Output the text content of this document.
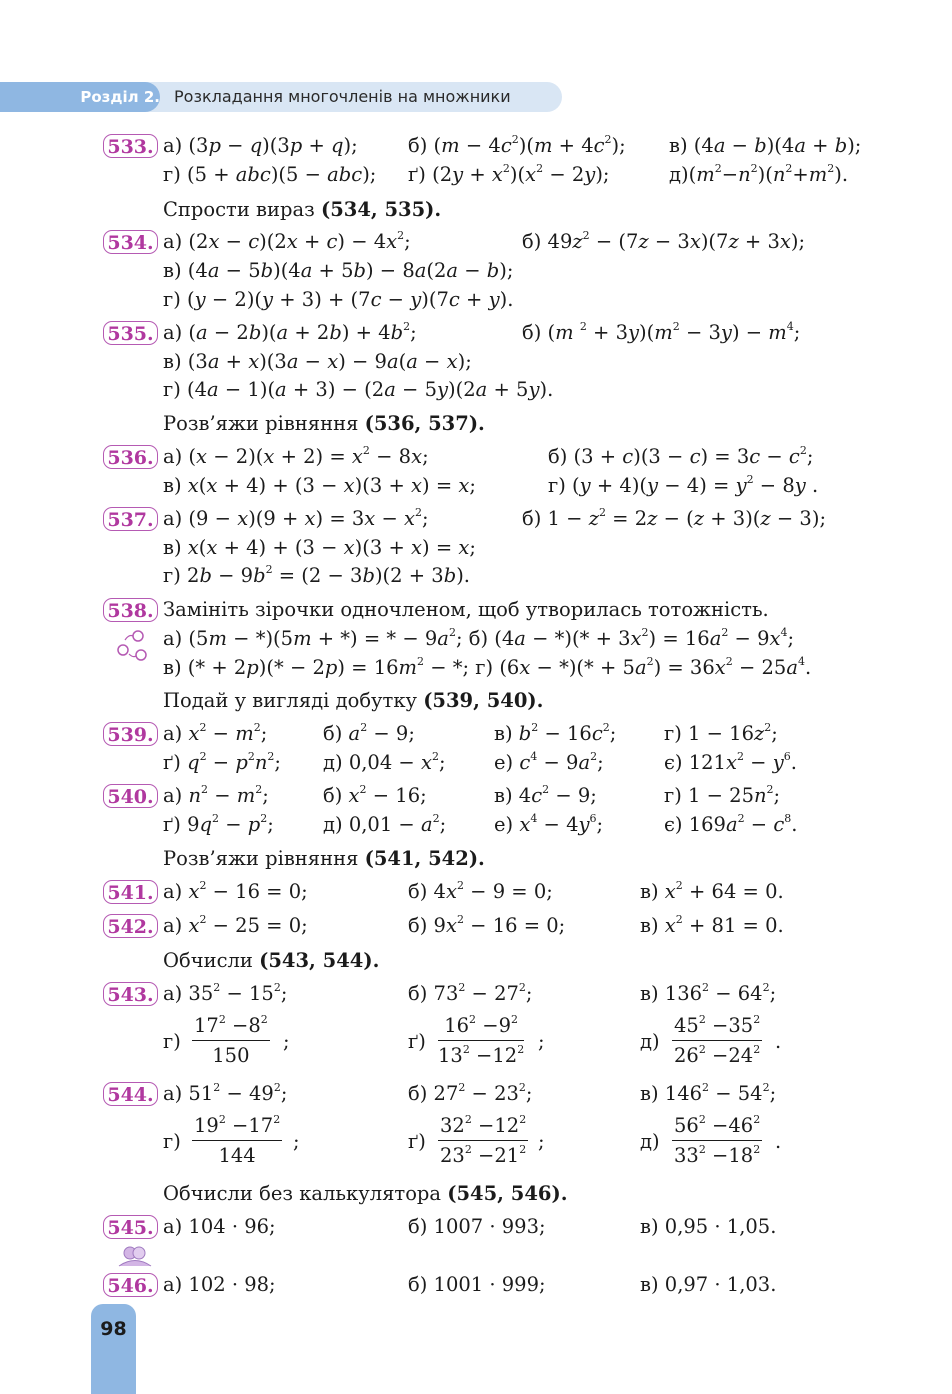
Розділ 2. Розкладання многочленів на множники
533. а) (3p − q)(3p + q);	б) $(m - 4c^2)(m + 4c^2)$; в) (4a − b)(4a + b);
г) (5 + abc)(5 − abc); ґ) $(2y + x^2)(x^2 - 2y)$;	$д)(m^2-n^2)(n^2+m^2)$.
Спрости вираз (534, 535).
534. а) $(2x - c)(2x + c) - 4x^2$;	б) $49z^2 - (7z - 3x)(7z + 3x)$;
в) (4a − 5b)(4a + 5b) − 8a(2a − b);
г) (y − 2)(y + 3) + (7c − y)(7c + y).
535. а) $(a - 2b)(a + 2b) + 4b^2$;	б) (m $^2 + 3y)(m^2 - 3y) - m^4$;
в) (3a + x)(3a − x) − 9a(a − x);
г) (4a − 1)(a + 3) − (2a − 5y)(2a + 5y).
Розв’яжи рівняння (536, 537).
536. а) $(x - 2)(x + 2) = x^2 - 8x$;	б) $(3 + c)(3 - c) = 3c - c^2$;
в) x(x + 4) + (3 − x)(3 + x) = x;	г) $(y + 4)(y - 4) = y^2 - 8y$ .
537. а) $(9 - x)(9 + x) = 3x - x^2$;	б) $1 - z^2 = 2z - (z + 3)(z - 3)$;
в) x(x + 4) + (3 − x)(3 + x) = x;
г) $2b - 9b^2 = (2 - 3b)(2 + 3b)$.
538. Замініть зірочки одночленом, щоб утворилась тотожність.
а) (5m − *)(5m + *) = * − $9a^2$; б) (4a − *)(* + $3x^2) = 16a^2 - 9x^4$;
в) (* + $2p)(* - 2p) = 16m^2$ − *; г) (6x − *)(* + $5a^2) = 36x^2 - 25a^4$.
Подай у вигляді добутку (539, 540).
539. а) $x^2 - m^2$;	б) $a^2 - 9$;	в) $b^2 - 16c^2$; г) $1 - 16z^2$;
ґ) $q^2 - p^2n^2$; д) $0,04 - x^2$; е) $c^4 - 9a^2$;	є) $121x^2 - y^6$.
540. а) $n^2 - m^2$;	б) $x^2 - 16$;	в) $4c^2 - 9$;	г) $1 - 25n^2$;
ґ) $9q^2 - p^2$;	д) $0,01 - a^2$; е) $x^4 - 4y^6$;	є) $169a^2 - c^8$.
Розв’яжи рівняння (541, 542).
541. а) $x^2 - 16 = 0$;	б) $4x^2 - 9 = 0$;	в) $x^2 + 64 = 0$.
542. а) $x^2 - 25 = 0$;	б) $9x^2 - 16 = 0$;	в) $x^2 + 81 = 0$.
Обчисли (543, 544).
543. а) $35^2 - 15^2$;	б) $73^2 - 27^2$;	в) $136^2 - 64^2$;
$г) \frac{17^2 -8^2}{150}$ ;	$ґ) \frac{16^2 -9^2}{13^2 -12^2}$ ;	$д) \frac{45^2 -35^2}{26^2 -24^2}$ .
544. а) $51^2 - 49^2$;	б) $27^2 - 23^2$;	в) $146^2 - 54^2$;
$г) \frac{19^2 -17^2}{144}$ ;	$ґ) \frac{32^2 -12^2}{23^2 -21^2}$ ;	$д) \frac{56^2 -46^2}{33^2 -18^2}$ .
Обчисли без калькулятора (545, 546).
545. а) 104 · 96;	б) 1007 · 993;	в) 0,95 · 1,05.
546. а) 102 · 98;	б) 1001 · 999;	в) 0,97 · 1,03.
98
